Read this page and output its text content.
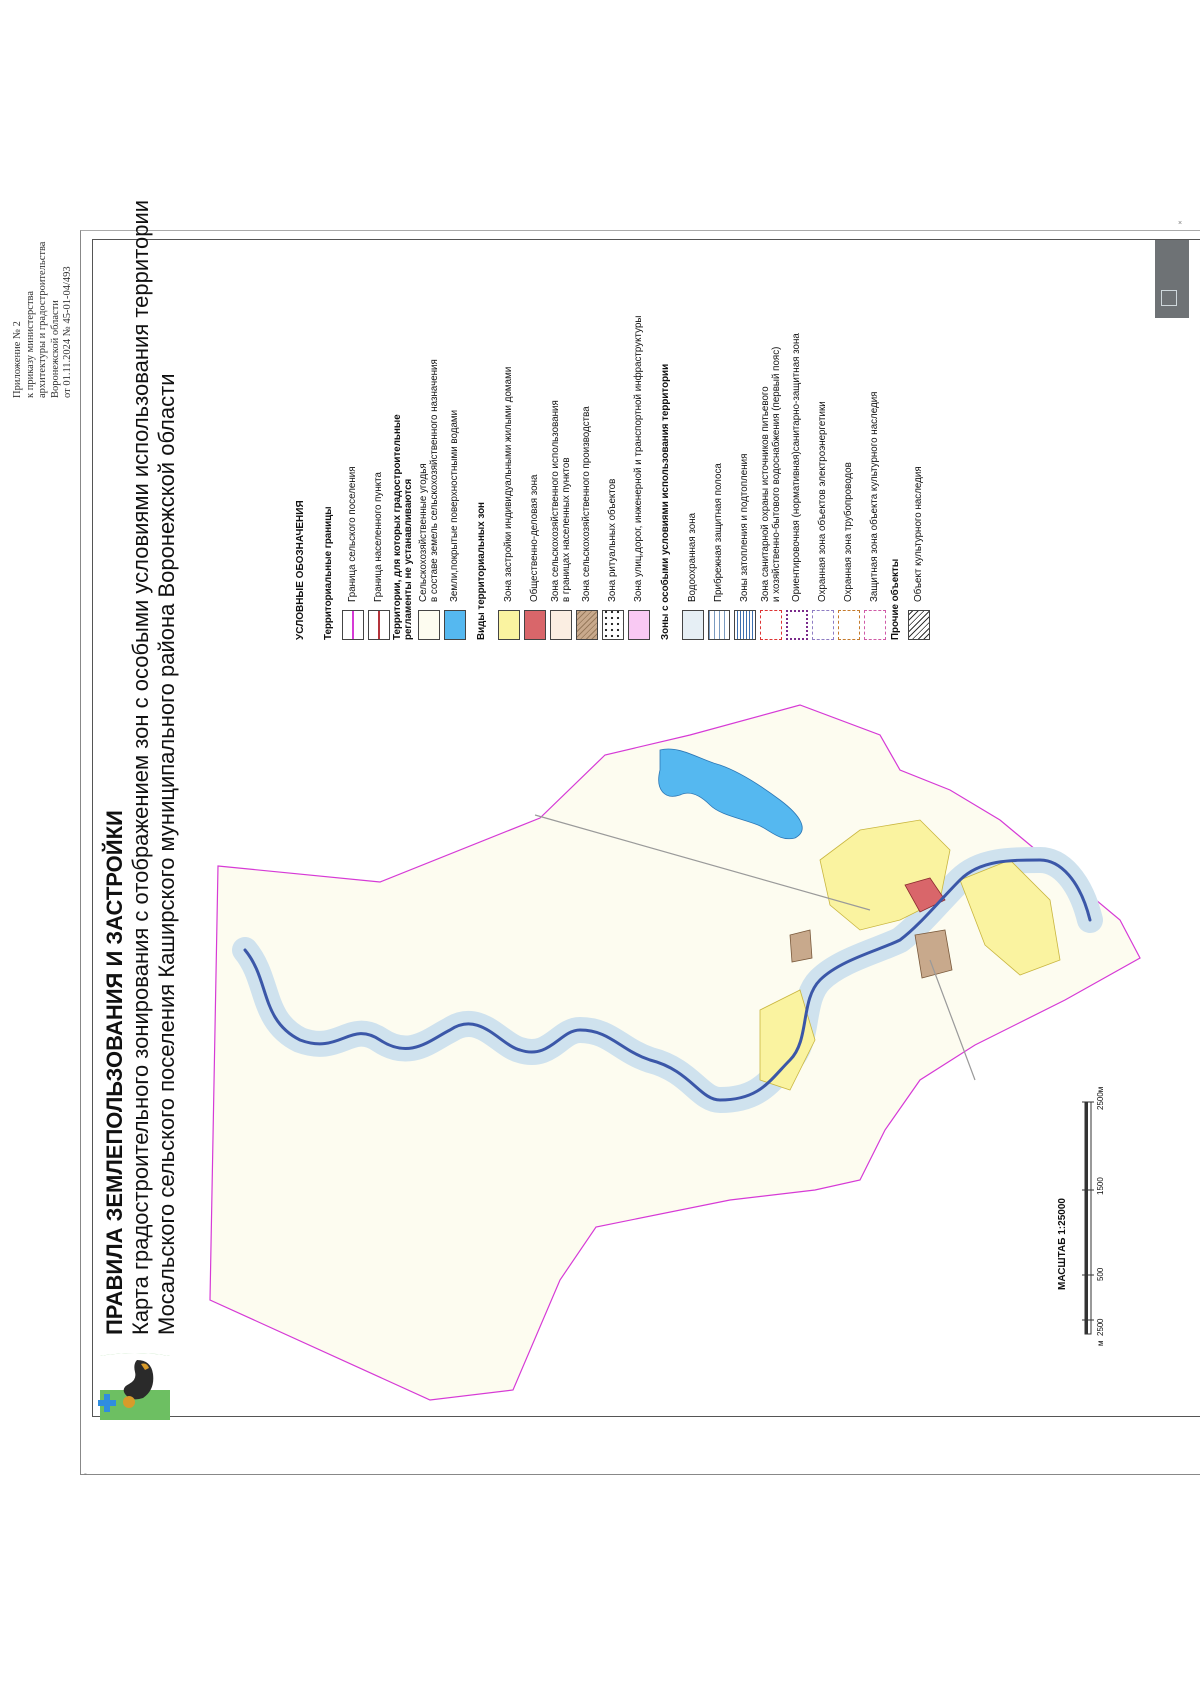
Приложение № 2 к приказу министерства архитектуры и градостроительства Воронежской области от 01.11.2024 № 45-01-04/493
×
°
ПРАВИЛА ЗЕМЛЕПОЛЬЗОВАНИЯ И ЗАСТРОЙКИ Карта градостроительного зонирования с отображением зон с особыми условиями использования территории Мосальского сельского поселения Каширского муниципального района Воронежской области	УСЛОВНЫЕ ОБОЗНАЧЕНИЯ Территориальные границы Граница сельского поселения Граница населенного пункта Территории, для которых градостроительные регламенты не устанавливаются Сельскохозяйственные угодья в составе земель сельскохозяйственного назначения Земли,покрытые поверхностными водами Виды территориальных зон Зона застройки индивидуальными жилыми домами Общественно-деловая зона Зона сельскохозяйственного использования в границах населенных пунктов Зона сельскохозяйственного производства Зона ритуальных объектов Зона улиц,дорог, инженерной и транспортной инфраструктуры Зоны с особыми условиями использования территории Водоохранная зона Прибрежная защитная полоса Зоны затопления и подтопления Зона санитарной охраны источников питьевого и хозяйственно-бытового водоснабжения (первый пояс) Ориентировочная (нормативная)санитарно-защитная зона Охранная зона объектов электроэнергетики Охранная зона трубопроводов Защитная зона объекта культурного наследия Прочие объекты Объект культурного наследия
МАСШТАБ 1:25000
м
250
0
500
1500
2500м
